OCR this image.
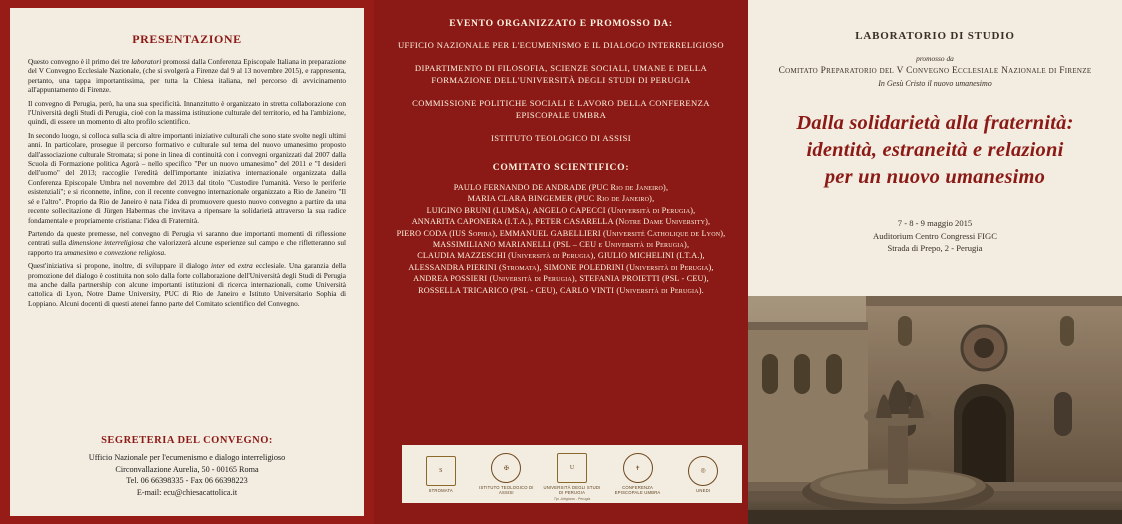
PRESENTAZIONE

Questo convegno è il primo dei tre laboratori promossi dalla Conferenza Episcopale Italiana in preparazione del V Convegno Ecclesiale Nazionale, (che si svolgerà a Firenze dal 9 al 13 novembre 2015), e rappresenta, pertanto, una tappa importantissima, per tutta la Chiesa italiana, nel percorso di avvicinamento all'appuntamento di Firenze.

Il convegno di Perugia, però, ha una sua specificità. Innanzitutto è organizzato in stretta collaborazione con l'Università degli Studi di Perugia, cioè con la massima istituzione culturale del territorio, ed ha l'ambizione, quindi, di essere un momento di alto profilo scientifico.

In secondo luogo, si colloca sulla scia di altre importanti iniziative culturali che sono state svolte negli ultimi anni. In particolare, prosegue il percorso formativo e culturale sul tema del nuovo umanesimo proposto dall'associazione culturale Stromata; si pone in linea di continuità con i convegni organizzati dal 2007 dalla Scuola di Formazione politica Agorà – nello specifico "Per un nuovo umanesimo" del 2011 e "I desideri dell'uomo" del 2013; raccoglie l'eredità dell'importante iniziativa internazionale organizzata dalla Conferenza Episcopale Umbra nel novembre del 2013 dal titolo "Custodire l'umanità. Verso le periferie esistenziali"; e si riconnette, infine, con il recente convegno internazionale organizzato a Rio de Janeiro "Il sé e l'altro". Proprio da Rio de Janeiro è nata l'idea di promuovere questo nuovo convegno a partire da una recente sollecitazione di Jürgen Habermas che invitava a ripensare la solidarietà attraverso la sua radice fondamentale e propriamente cristiana: l'idea di Fraternità.

Partendo da queste premesse, nel convegno di Perugia vi saranno due importanti momenti di riflessione centrati sulla dimensione interreligiosa che valorizzerà alcune esperienze sul campo e che rifletteranno sul rapporto tra umanesimo e convezione religiosa.

Quest'iniziativa si propone, inoltre, di sviluppare il dialogo inter ed extra ecclesiale. Una garanzia della promozione del dialogo è costituita non solo dalla forte collaborazione dell'Università degli Studi di Perugia ma anche dalla partnership con alcune importanti istituzioni di ricerca internazionali, come Università cattolica di Lyon, Notre Dame University, PUC di Rio de Janeiro e Istituto Universitario Sophia di Loppiano. Alcuni docenti di questi atenei fanno parte del Comitato scientifico del Convegno.

SEGRETERIA DEL CONVEGNO:
Ufficio Nazionale per l'ecumenismo e dialogo interreligioso
Circonvallazione Aurelia, 50 - 00165 Roma
Tel. 06 66398335 - Fax 06 66398223
E-mail: ecu@chiesacattolica.it
EVENTO ORGANIZZATO E PROMOSSO DA:
UFFICIO NAZIONALE PER L'ECUMENISMO E IL DIALOGO INTERRELIGIOSO
DIPARTIMENTO DI FILOSOFIA, SCIENZE SOCIALI, UMANE E DELLA FORMAZIONE DELL'UNIVERSITÀ DEGLI STUDI DI PERUGIA
COMMISSIONE POLITICHE SOCIALI E LAVORO DELLA CONFERENZA EPISCOPALE UMBRA
ISTITUTO TEOLOGICO DI ASSISI
COMITATO SCIENTIFICO:
PAULO FERNANDO DE ANDRADE (PUC Rio de Janeiro),
MARIA CLARA BINGEMER (PUC Rio de Janeiro),
LUIGINO BRUNI (LUMSA), ANGELO CAPECCI (Università di Perugia),
ANNARITA CAPONERA (I.T.A.), PETER CASARELLA (Notre Dame University),
PIERO CODA (IUS Sophia), EMMANUEL GABELLIERI (Université Catholique de Lyon),
MASSIMILIANO MARIANELLI (PSL – CEU e Università di Perugia),
CLAUDIA MAZZESCHI (Università di Perugia), GIULIO MICHELINI (I.T.A.),
ALESSANDRA PIERINI (Stromata), SIMONE POLEDRINI (Università di Perugia),
ANDREA POSSIERI (Università di Perugia), STEFANIA PROIETTI (PSL - CEU),
ROSSELLA TRICARICO (PSL - CEU), CARLO VINTI (Università di Perugia).
S
STROMATA
✠
ISTITUTO TEOLOGICO DI ASSISI
U
UNIVERSITÀ DEGLI STUDI DI PERUGIA
✝
CONFERENZA EPISCOPALE UMBRA
◎
UNEDI
Tip. Artigiana - Perugia
LABORATORIO DI STUDIO
promosso da
Comitato Preparatorio del V Convegno Ecclesiale Nazionale di Firenze
In Gesù Cristo il nuovo umanesimo
Dalla solidarietà alla fraternità:
identità, estraneità e relazioni
per un nuovo umanesimo
7 - 8 - 9 maggio 2015
Auditorium Centro Congressi FIGC
Strada di Prepo, 2 - Perugia
